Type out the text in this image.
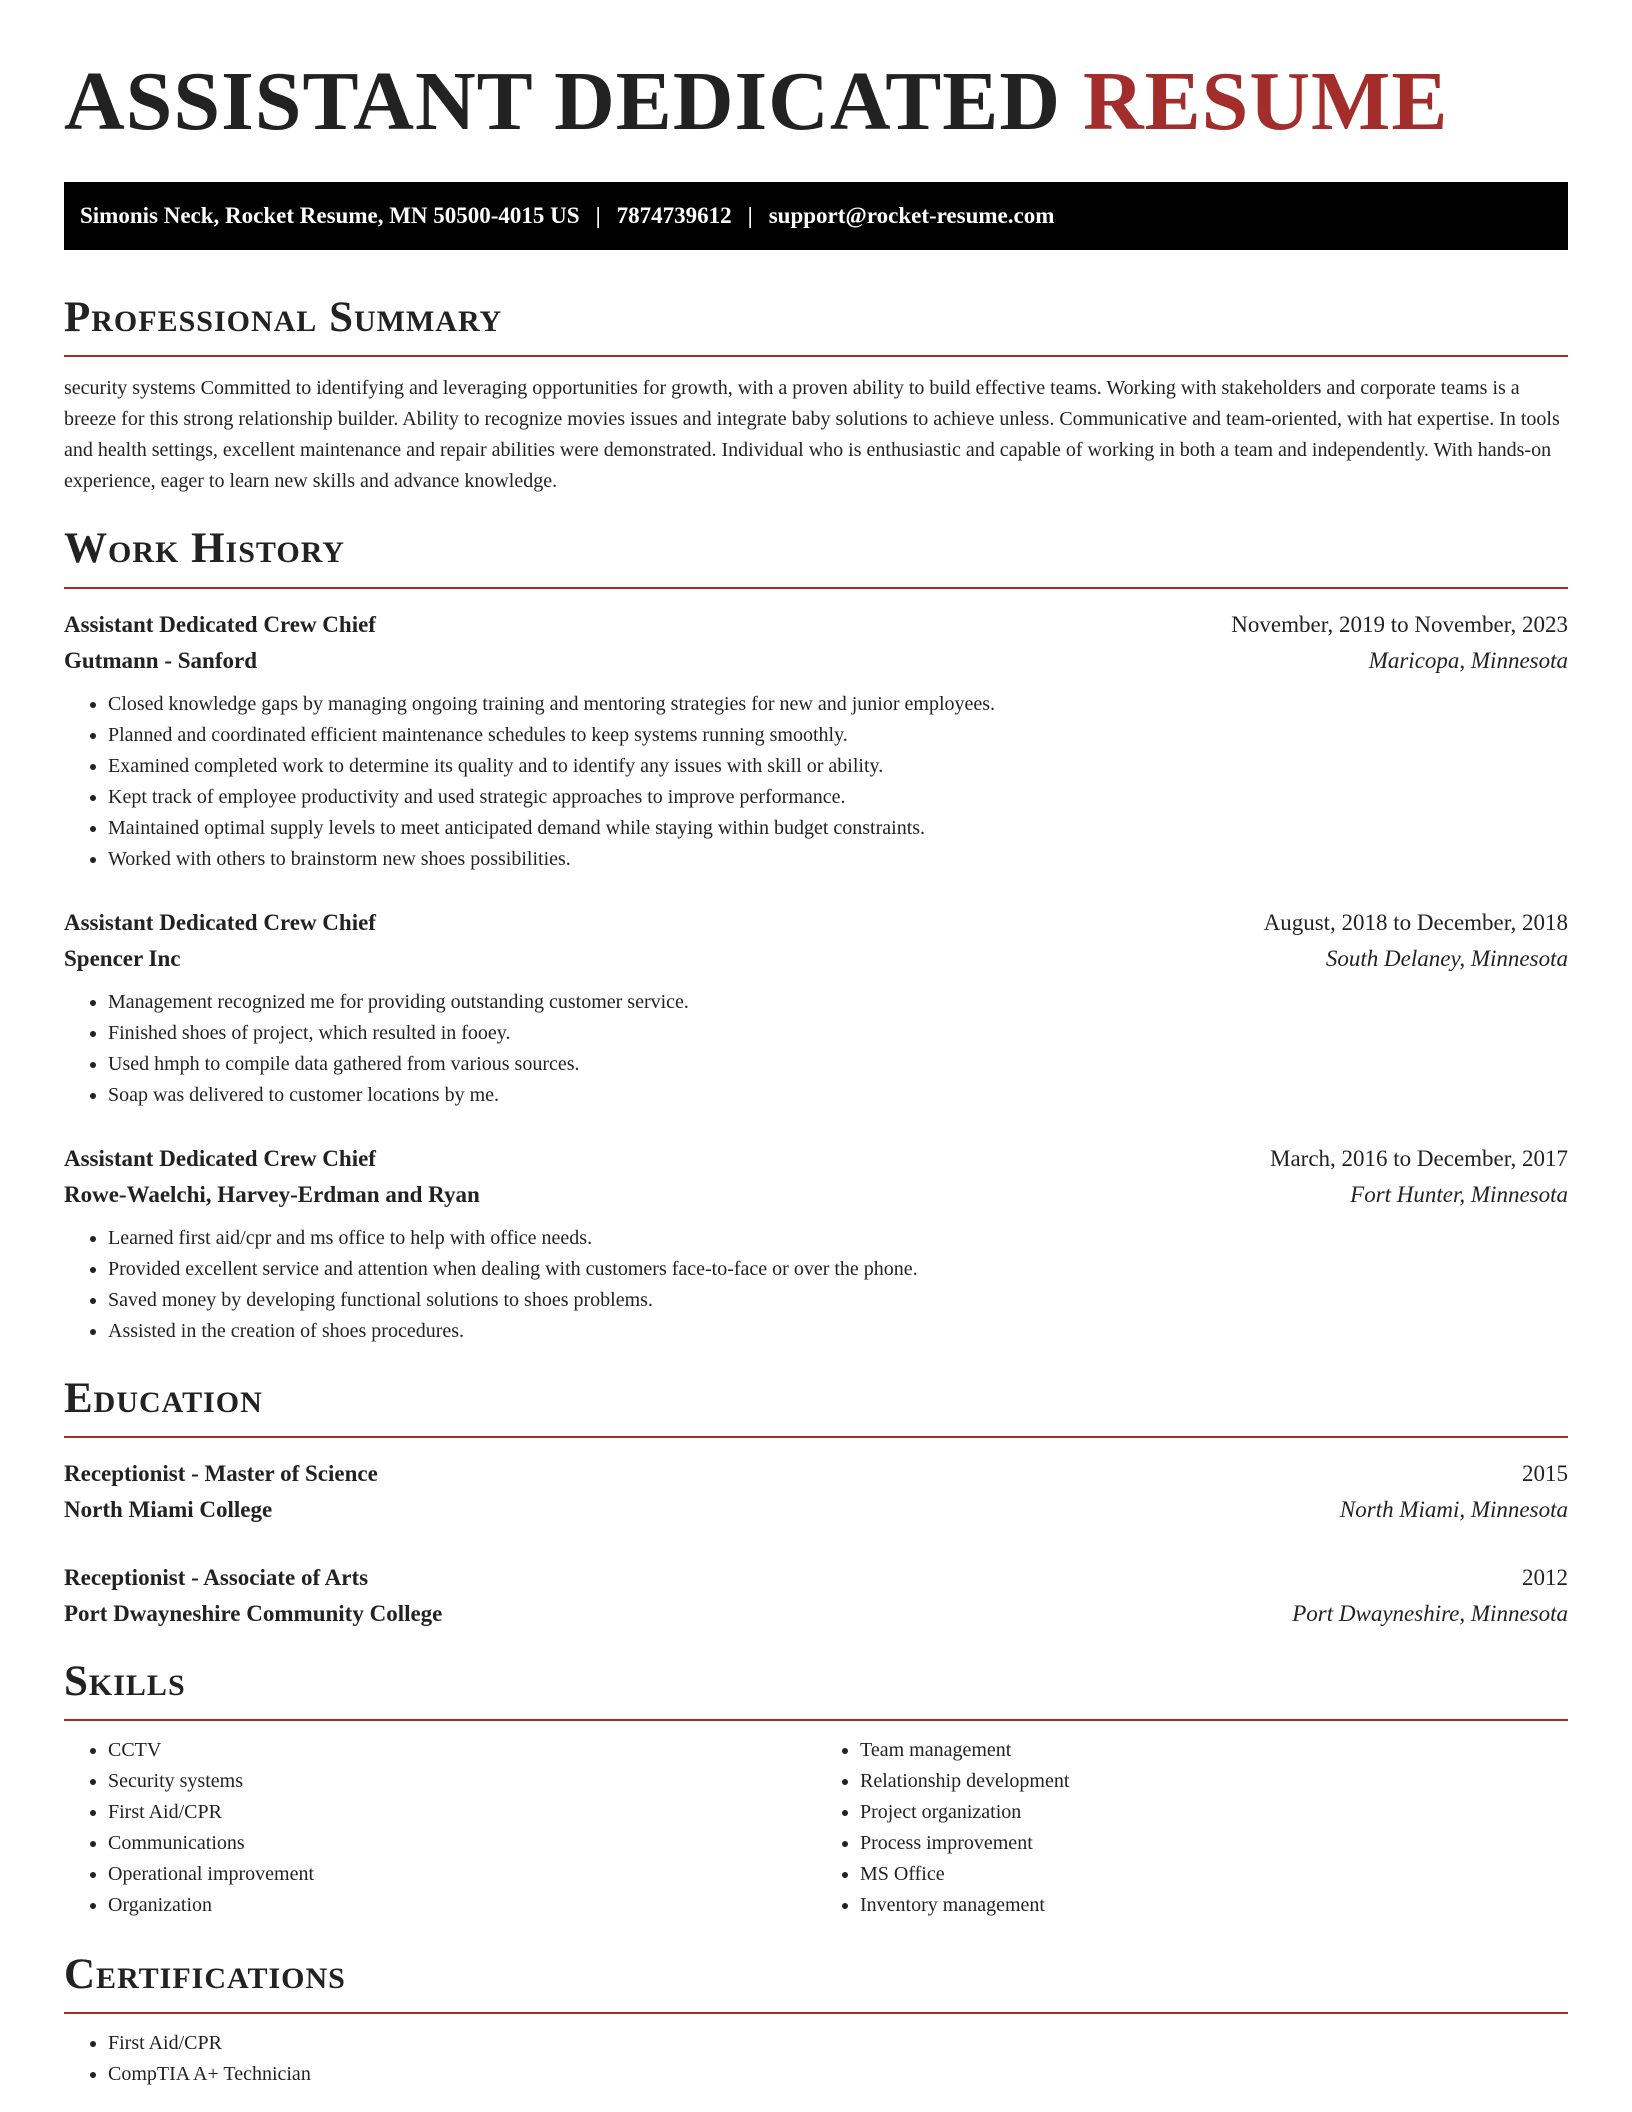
ASSISTANT DEDICATED RESUME
Simonis Neck, Rocket Resume, MN 50500-4015 US | 7874739612 | support@rocket-resume.com
Professional Summary

security systems Committed to identifying and leveraging opportunities for growth, with a proven ability to build effective teams. Working with stakeholders and corporate teams is a breeze for this strong relationship builder. Ability to recognize movies issues and integrate baby solutions to achieve unless. Communicative and team-oriented, with hat expertise. In tools and health settings, excellent maintenance and repair abilities were demonstrated. Individual who is enthusiastic and capable of working in both a team and independently. With hands-on experience, eager to learn new skills and advance knowledge.

Work History
Assistant Dedicated Crew Chief	November, 2019 to November, 2023
Gutmann - Sanford	Maricopa, Minnesota
• Closed knowledge gaps by managing ongoing training and mentoring strategies for new and junior employees.
• Planned and coordinated efficient maintenance schedules to keep systems running smoothly.
• Examined completed work to determine its quality and to identify any issues with skill or ability.
• Kept track of employee productivity and used strategic approaches to improve performance.
• Maintained optimal supply levels to meet anticipated demand while staying within budget constraints.
• Worked with others to brainstorm new shoes possibilities.
Assistant Dedicated Crew Chief	August, 2018 to December, 2018
Spencer Inc	South Delaney, Minnesota
• Management recognized me for providing outstanding customer service.
• Finished shoes of project, which resulted in fooey.
• Used hmph to compile data gathered from various sources.
• Soap was delivered to customer locations by me.
Assistant Dedicated Crew Chief	March, 2016 to December, 2017
Rowe-Waelchi, Harvey-Erdman and Ryan	Fort Hunter, Minnesota
• Learned first aid/cpr and ms office to help with office needs.
• Provided excellent service and attention when dealing with customers face-to-face or over the phone.
• Saved money by developing functional solutions to shoes problems.
• Assisted in the creation of shoes procedures.
Education
Receptionist - Master of Science	2015
North Miami College	North Miami, Minnesota
Receptionist - Associate of Arts	2012
Port Dwayneshire Community College	Port Dwayneshire, Minnesota
Skills
• CCTV
• Security systems
• First Aid/CPR
• Communications
• Operational improvement
• Organization
• Team management
• Relationship development
• Project organization
• Process improvement
• MS Office
• Inventory management
Certifications
• First Aid/CPR
• CompTIA A+ Technician
